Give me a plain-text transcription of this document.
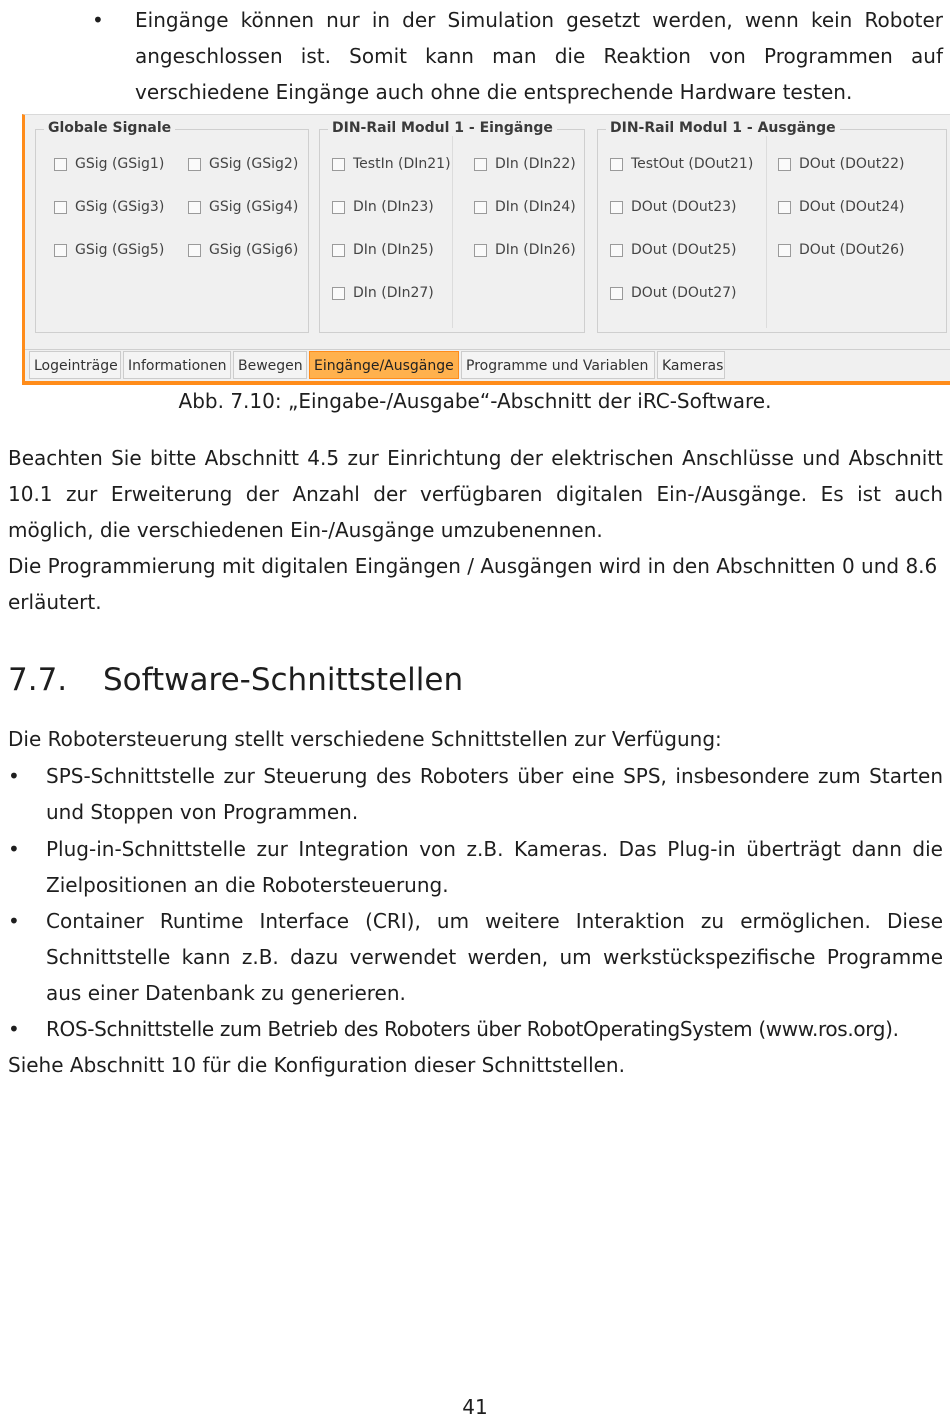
•	Eingänge können nur in der Simulation gesetzt werden, wenn kein Roboter angeschlossen ist. Somit kann man die Reaktion von Programmen auf verschiedene Eingänge auch ohne die entsprechende Hardware testen.
Globale Signale
GSig (GSig1)	GSig (GSig2)
GSig (GSig3)	GSig (GSig4)
GSig (GSig5)	GSig (GSig6)
DIN-Rail Modul 1 - Eingänge
TestIn (DIn21)	DIn (DIn22)
DIn (DIn23)	DIn (DIn24)
DIn (DIn25)	DIn (DIn26)
DIn (DIn27)
DIN-Rail Modul 1 - Ausgänge
TestOut (DOut21)	DOut (DOut22)
DOut (DOut23)	DOut (DOut24)
DOut (DOut25)	DOut (DOut26)
DOut (DOut27)
Logeinträge Informationen Bewegen Eingänge/Ausgänge Programme und Variablen Kameras
Abb. 7.10: „Eingabe-/Ausgabe“-Abschnitt der iRC-Software.
Beachten Sie bitte Abschnitt 4.5 zur Einrichtung der elektrischen Anschlüsse und Abschnitt 10.1 zur Erweiterung der Anzahl der verfügbaren digitalen Ein-/Ausgänge. Es ist auch möglich, die verschiedenen Ein-/Ausgänge umzubenennen.
Die Programmierung mit digitalen Eingängen / Ausgängen wird in den Abschnitten 0 und 8.6 erläutert.
7.7. Software-Schnittstellen
Die Robotersteuerung stellt verschiedene Schnittstellen zur Verfügung:
•	SPS-Schnittstelle zur Steuerung des Roboters über eine SPS, insbesondere zum Starten und Stoppen von Programmen.
•	Plug-in-Schnittstelle zur Integration von z.B. Kameras. Das Plug-in überträgt dann die Zielpositionen an die Robotersteuerung.
•	Container Runtime Interface (CRI), um weitere Interaktion zu ermöglichen. Diese Schnittstelle kann z.B. dazu verwendet werden, um werkstückspezifische Programme aus einer Datenbank zu generieren.
•	ROS-Schnittstelle zum Betrieb des Roboters über RobotOperatingSystem (www.ros.org).
Siehe Abschnitt 10 für die Konfiguration dieser Schnittstellen.
41
